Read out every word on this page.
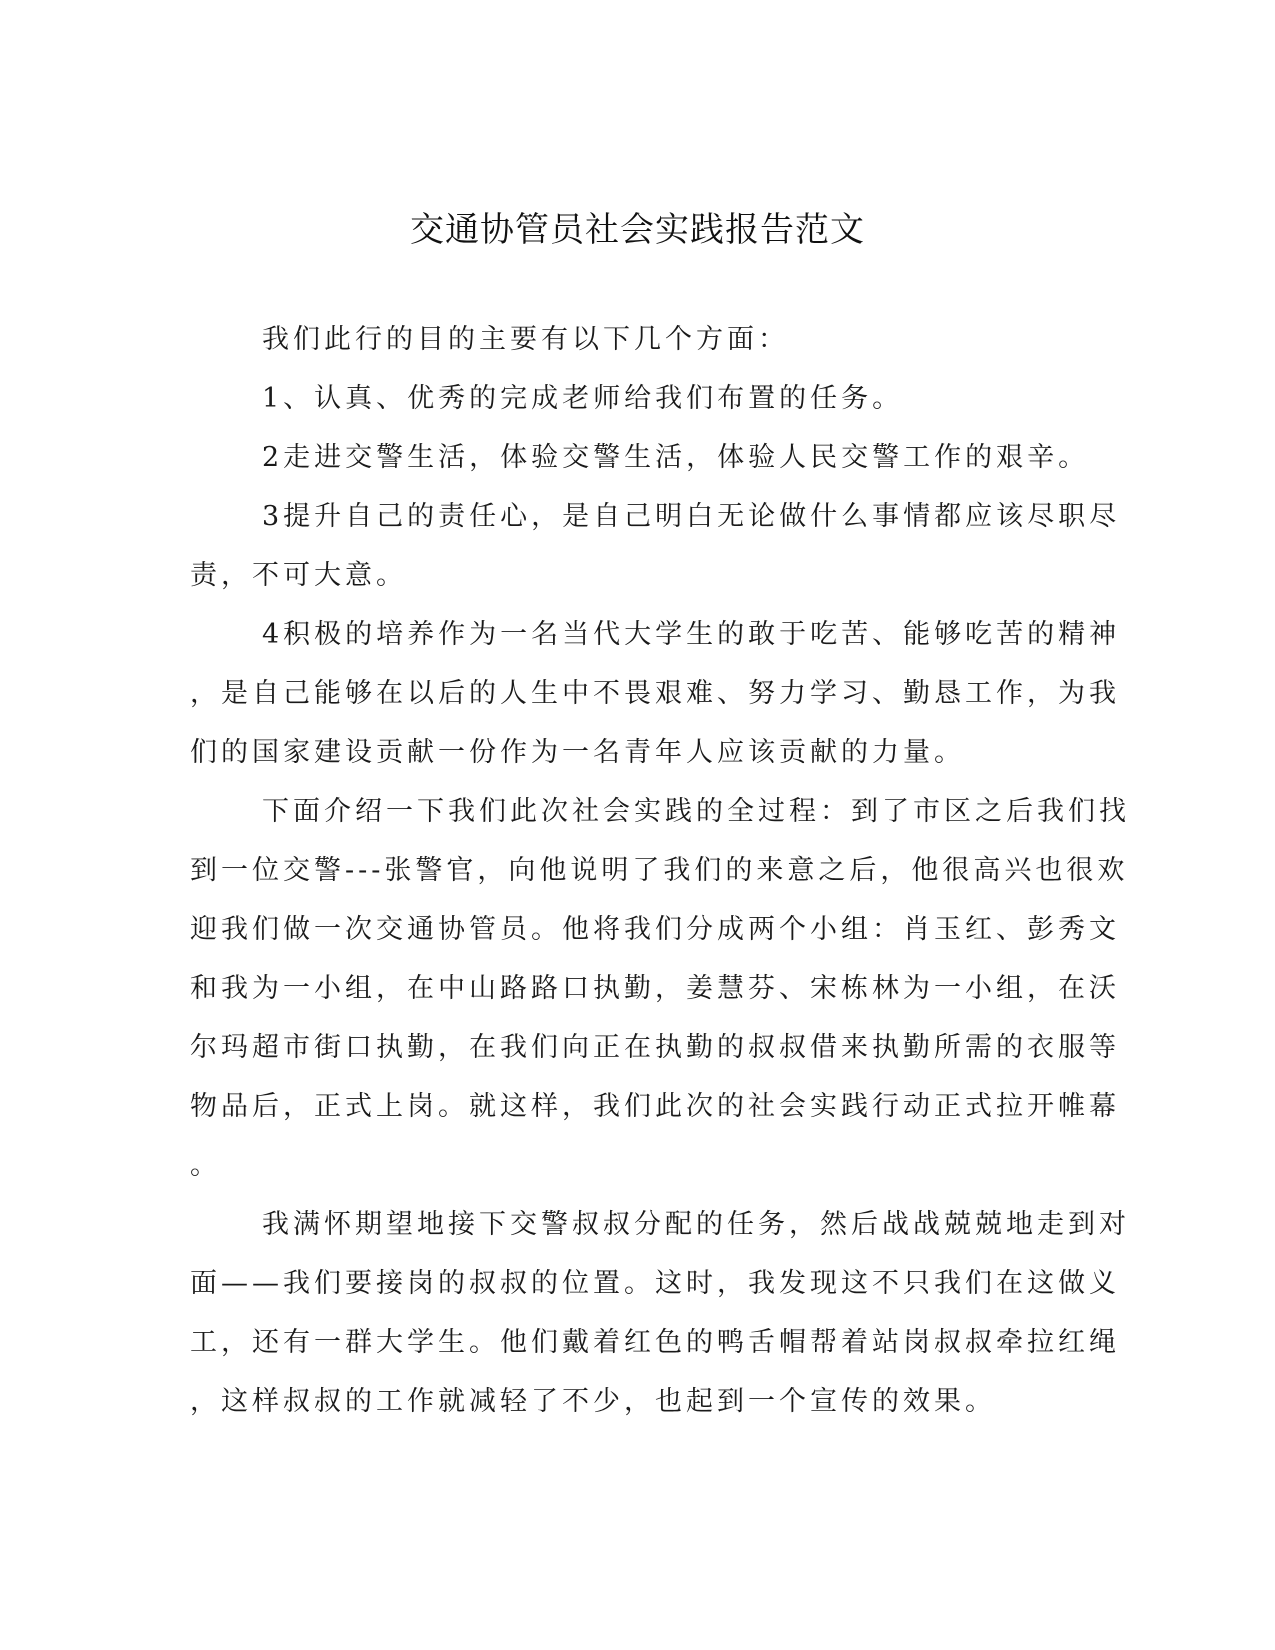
交通协管员社会实践报告范文
我们此行的目的主要有以下几个方面：
1、认真、优秀的完成老师给我们布置的任务。
2走进交警生活，体验交警生活，体验人民交警工作的艰辛。
3提升自己的责任心，是自己明白无论做什么事情都应该尽职尽
责，不可大意。
4积极的培养作为一名当代大学生的敢于吃苦、能够吃苦的精神
，是自己能够在以后的人生中不畏艰难、努力学习、勤恳工作，为我
们的国家建设贡献一份作为一名青年人应该贡献的力量。
下面介绍一下我们此次社会实践的全过程：到了市区之后我们找
到一位交警---张警官，向他说明了我们的来意之后，他很高兴也很欢
迎我们做一次交通协管员。他将我们分成两个小组：肖玉红、彭秀文
和我为一小组，在中山路路口执勤，姜慧芬、宋栋林为一小组，在沃
尔玛超市街口执勤，在我们向正在执勤的叔叔借来执勤所需的衣服等
物品后，正式上岗。就这样，我们此次的社会实践行动正式拉开帷幕
。
我满怀期望地接下交警叔叔分配的任务，然后战战兢兢地走到对
面——我们要接岗的叔叔的位置。这时，我发现这不只我们在这做义
工，还有一群大学生。他们戴着红色的鸭舌帽帮着站岗叔叔牵拉红绳
，这样叔叔的工作就减轻了不少，也起到一个宣传的效果。
